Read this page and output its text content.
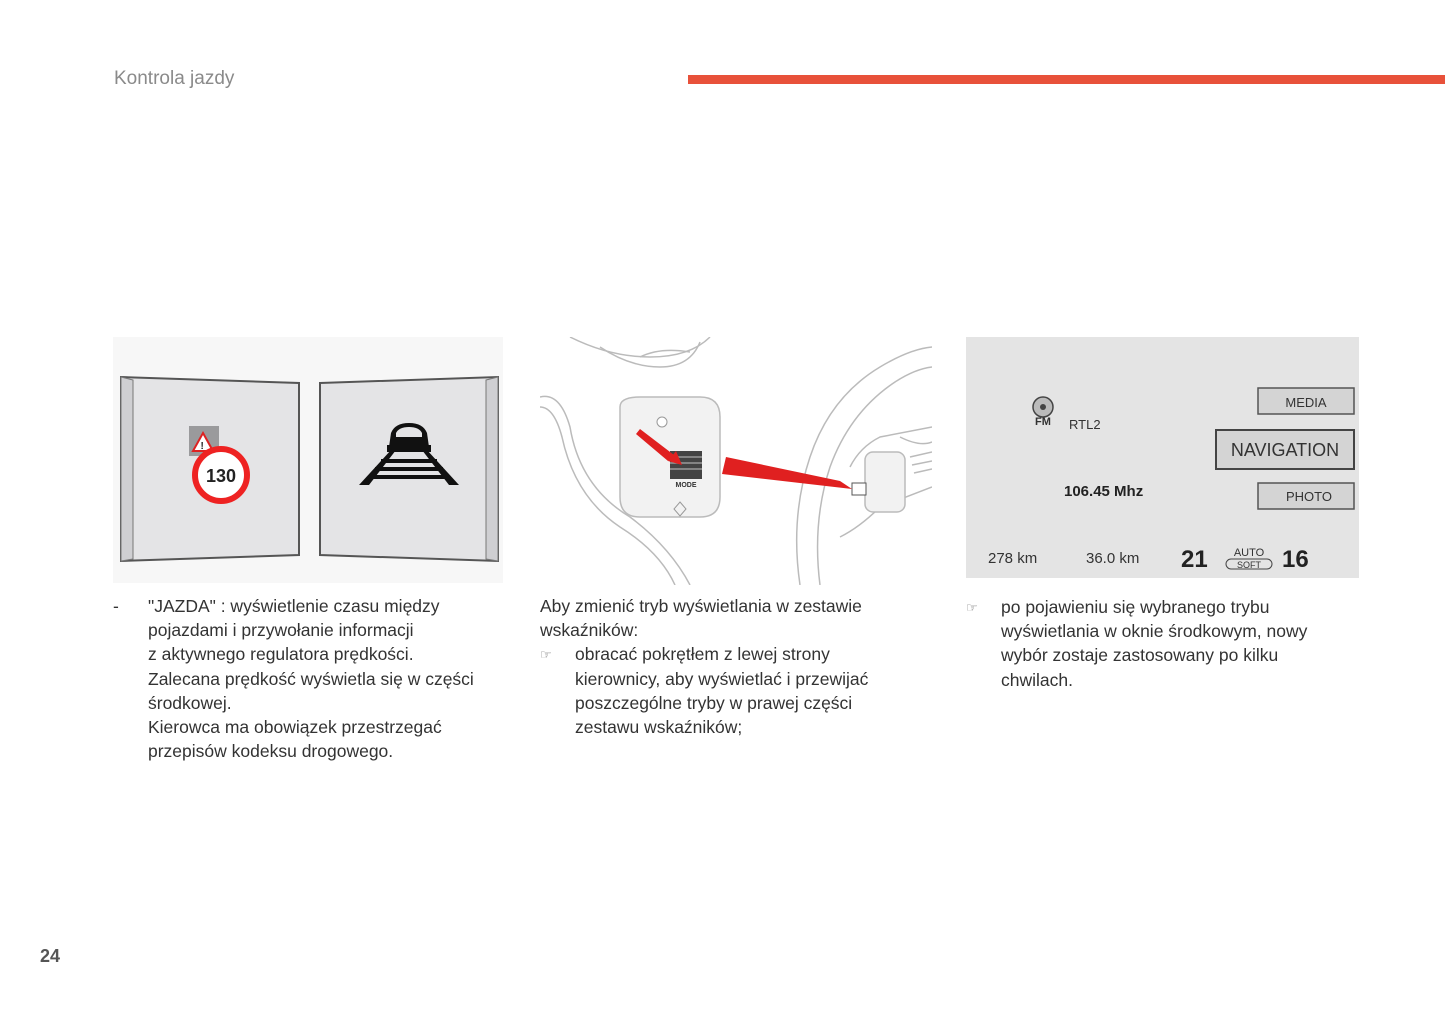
Kontrola jazdy
!
130	MODE
FM RTL2
106.45 Mhz
MEDIA
NAVIGATION
PHOTO
278 km	36.0 km 21 AUTO
SOFT 16
-	"JAZDA" : wyświetlenie czasu między
pojazdami i przywołanie informacji
z aktywnego regulatora prędkości.
Zalecana prędkość wyświetla się w części
środkowej.
Kierowca ma obowiązek przestrzegać
przepisów kodeksu drogowego.
Aby zmienić tryb wyświetlania w zestawie
wskaźników:
☞	obracać pokrętłem z lewej strony
kierownicy, aby wyświetlać i przewijać
poszczególne tryby w prawej części
zestawu wskaźników;
☞	po pojawieniu się wybranego trybu
wyświetlania w oknie środkowym, nowy
wybór zostaje zastosowany po kilku
chwilach.
24
